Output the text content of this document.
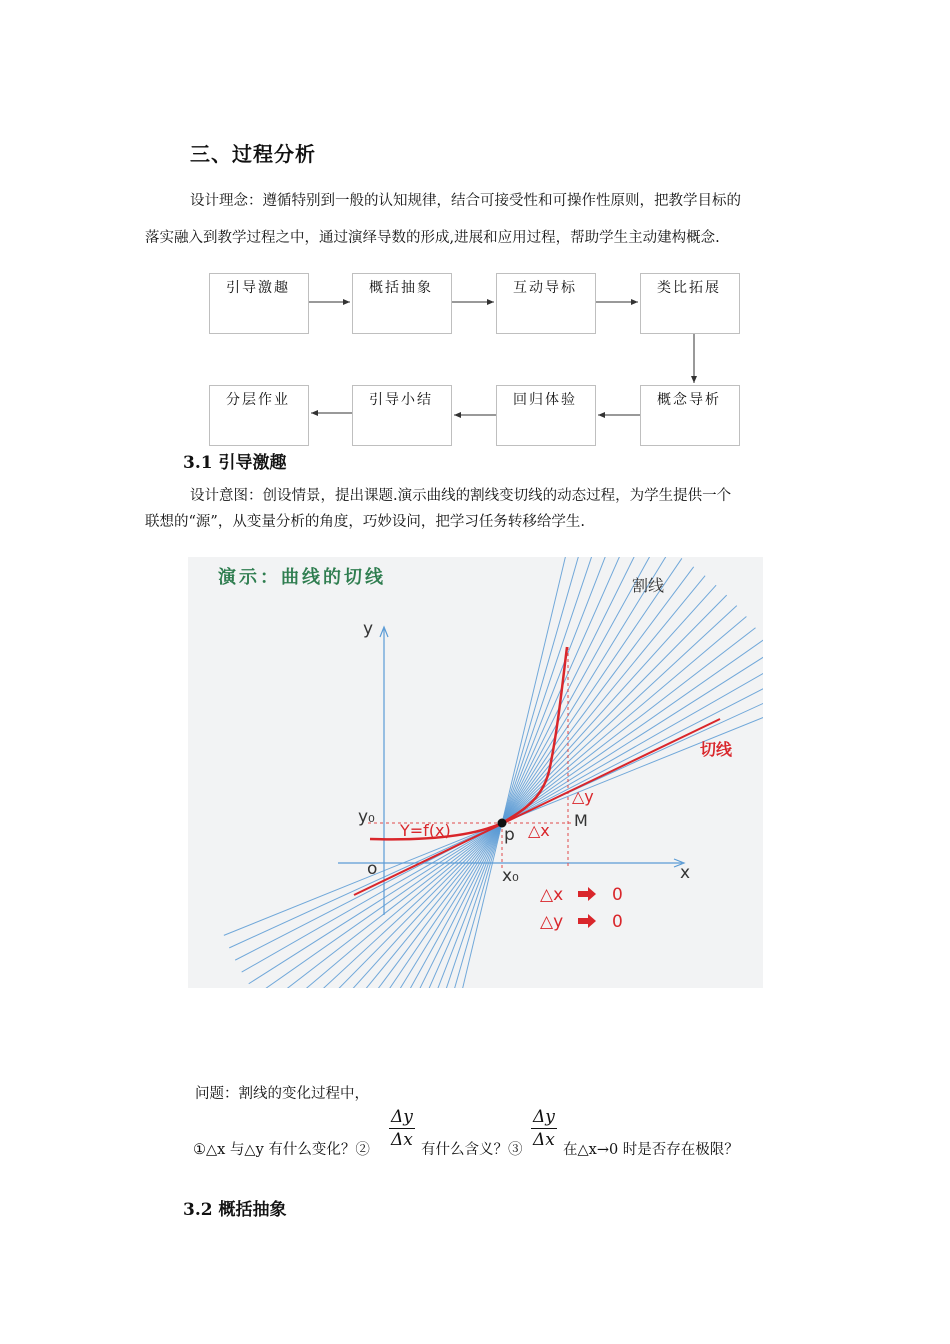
三、过程分析
设计理念：遵循特别到一般的认知规律，结合可接受性和可操作性原则，把教学目标的
落实融入到教学过程之中，通过演绎导数的形成,进展和应用过程，帮助学生主动建构概念.
引导激趣	概括抽象	互动导标	类比拓展
概念导析
回归体验
引导小结
分层作业
3.1 引导激趣
设计意图：创设情景，提出课题.演示曲线的割线变切线的动态过程，为学生提供一个
联想的“源”，从变量分析的角度，巧妙设问，把学习任务转移给学生.
演示：曲线的切线	割线
切线
y
x
o
y₀
x₀
Y=f(x)	p
M
△x
△y
△x	0
△y	0
问题：割线的变化过程中，
①△x 与△y 有什么变化？② $\frac{\Delta y}{\Delta x}$ 有什么含义？③ $\frac{\Delta y}{\Delta x}$ 在△x→0 时是否存在极限？
3.2 概括抽象
